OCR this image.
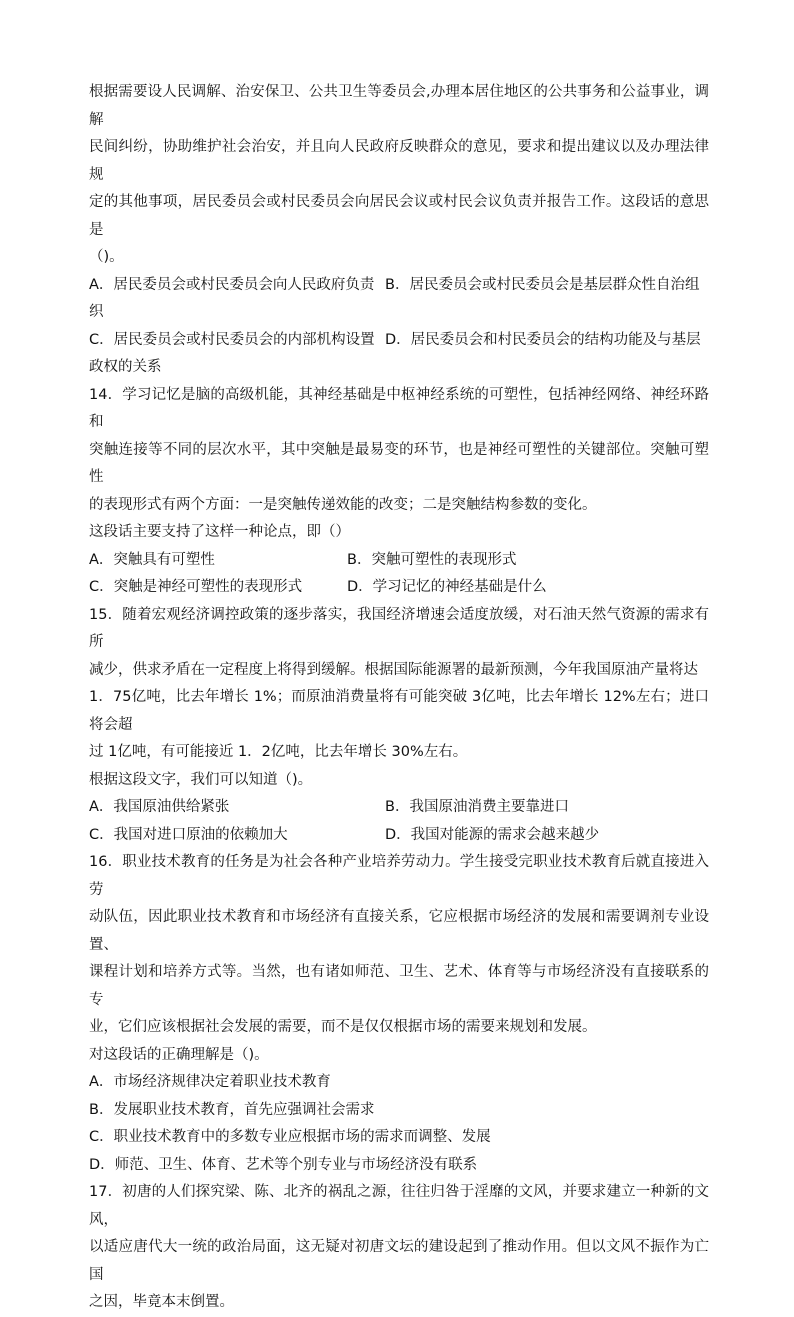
根据需要设人民调解、治安保卫、公共卫生等委员会,办理本居住地区的公共事务和公益事业，调解

民间纠纷，协助维护社会治安，并且向人民政府反映群众的意见，要求和提出建议以及办理法律规

定的其他事项，居民委员会或村民委员会向居民会议或村民会议负责并报告工作。这段话的意思是

（)。

A．居民委员会或村民委员会向人民政府负责 B．居民委员会或村民委员会是基层群众性自治组
织
C．居民委员会或村民委员会的内部机构设置 D．居民委员会和村民委员会的结构功能及与基层
政权的关系

14．学习记忆是脑的高级机能，其神经基础是中枢神经系统的可塑性，包括神经网络、神经环路和

突触连接等不同的层次水平，其中突触是最易变的环节，也是神经可塑性的关键部位。突触可塑性

的表现形式有两个方面：一是突触传递效能的改变；二是突触结构参数的变化。

这段话主要支持了这样一种论点，即（）

A．突触具有可塑性	B．突触可塑性的表现形式
C．突触是神经可塑性的表现形式	D．学习记忆的神经基础是什么

15．随着宏观经济调控政策的逐步落实，我国经济增速会适度放缓，对石油天然气资源的需求有所

减少，供求矛盾在一定程度上将得到缓解。根据国际能源署的最新预测，今年我国原油产量将达

1．75亿吨，比去年增长 1%；而原油消费量将有可能突破 3亿吨，比去年增长 12%左右；进口将会超

过 1亿吨，有可能接近 1．2亿吨，比去年增长 30%左右。

根据这段文字，我们可以知道（)。

A．我国原油供给紧张	B．我国原油消费主要靠进口
C．我国对进口原油的依赖加大	D．我国对能源的需求会越来越少

16．职业技术教育的任务是为社会各种产业培养劳动力。学生接受完职业技术教育后就直接进入劳

动队伍，因此职业技术教育和市场经济有直接关系，它应根据市场经济的发展和需要调剂专业设置、

课程计划和培养方式等。当然，也有诸如师范、卫生、艺术、体育等与市场经济没有直接联系的专

业，它们应该根据社会发展的需要，而不是仅仅根据市场的需要来规划和发展。

对这段话的正确理解是（)。

A．市场经济规律决定着职业技术教育

B．发展职业技术教育，首先应强调社会需求

C．职业技术教育中的多数专业应根据市场的需求而调整、发展

D．师范、卫生、体育、艺术等个别专业与市场经济没有联系

17．初唐的人们探究梁、陈、北齐的祸乱之源，往往归咎于淫靡的文风，并要求建立一种新的文风，

以适应唐代大一统的政治局面，这无疑对初唐文坛的建设起到了推动作用。但以文风不振作为亡国

之因，毕竟本末倒置。
